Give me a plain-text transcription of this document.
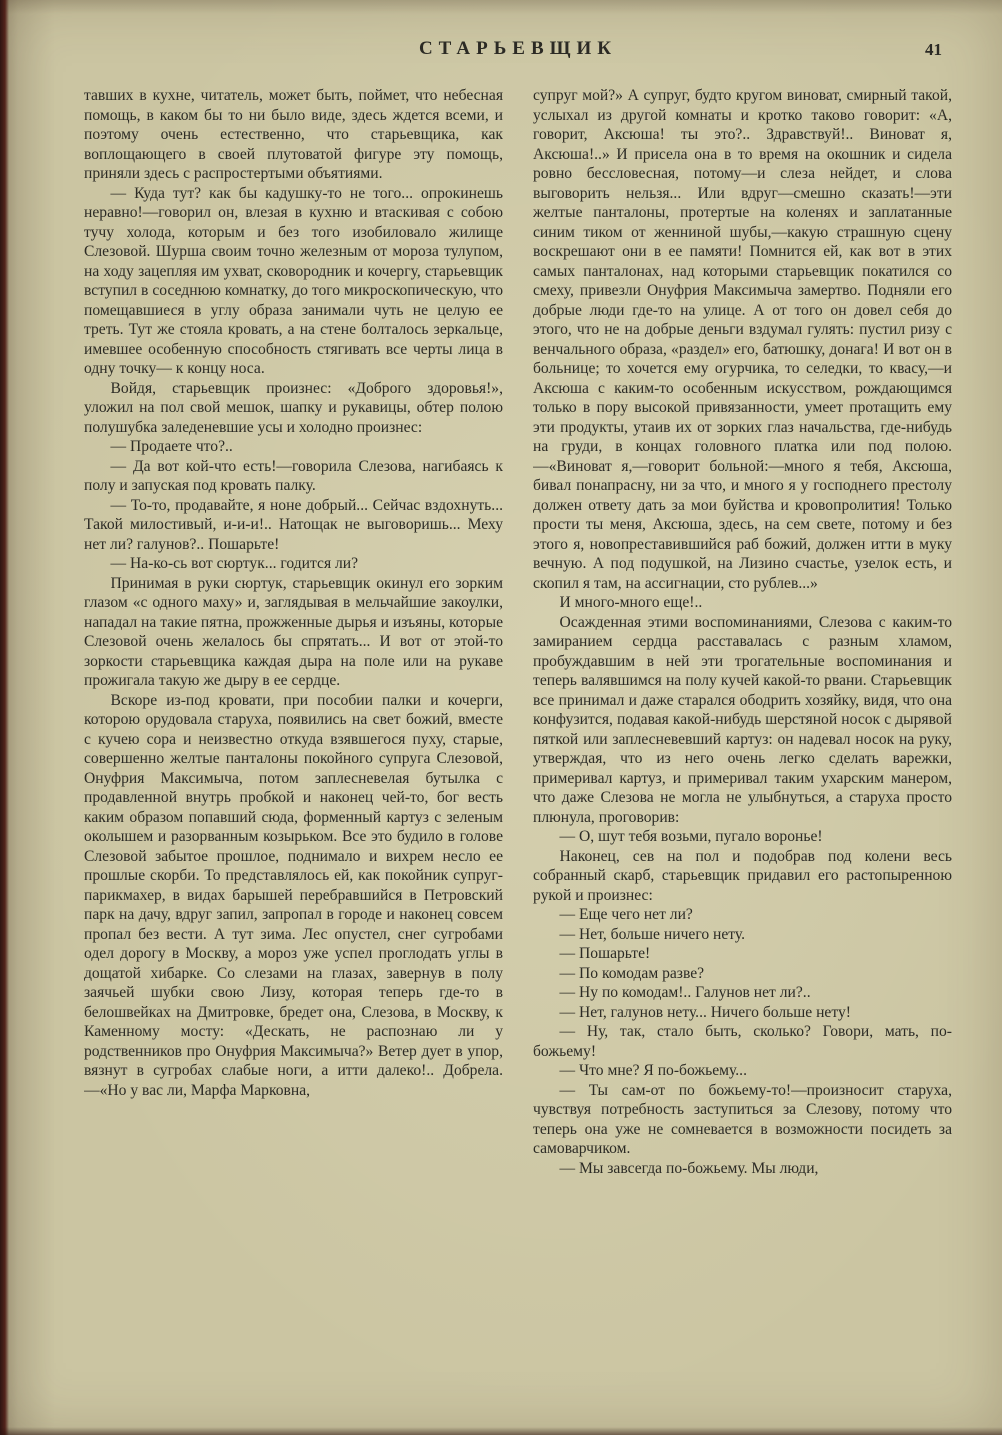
СТАРЬЕВЩИК	41

тавших в кухне, читатель, может быть, поймет, что небесная помощь, в каком бы то ни было виде, здесь ждется всеми, и поэтому очень естественно, что старьевщика, как воплощающего в своей плутоватой фигуре эту помощь, приняли здесь с распростертыми объятиями.

— Куда тут? как бы кадушку-то не того... опрокинешь неравно!—говорил он, влезая в кухню и втаскивая с собою тучу холода, которым и без того изобиловало жилище Слезовой. Шурша своим точно железным от мороза тулупом, на ходу зацепляя им ухват, сковородник и кочергу, старьевщик вступил в соседнюю комнатку, до того микроскопическую, что помещавшиеся в углу образа занимали чуть не целую ее треть. Тут же стояла кровать, а на стене болталось зеркальце, имевшее особенную способность стягивать все черты лица в одну точку— к концу носа.

Войдя, старьевщик произнес: «Доброго здоровья!», уложил на пол свой мешок, шапку и рукавицы, обтер полою полушубка заледеневшие усы и холодно произнес:

— Продаете что?..

— Да вот кой-что есть!—говорила Слезова, нагибаясь к полу и запуская под кровать палку.

— То-то, продавайте, я ноне добрый... Сейчас вздохнуть... Такой милостивый, и-и-и!.. Натощак не выговоришь... Меху нет ли? галунов?.. Пошарьте!

— На-ко-сь вот сюртук... годится ли?

Принимая в руки сюртук, старьевщик окинул его зорким глазом «с одного маху» и, заглядывая в мельчайшие закоулки, нападал на такие пятна, прожженные дырья и изъяны, которые Слезовой очень желалось бы спрятать... И вот от этой-то зоркости старьевщика каждая дыра на поле или на рукаве прожигала такую же дыру в ее сердце.

Вскоре из-под кровати, при пособии палки и кочерги, которою орудовала старуха, появились на свет божий, вместе с кучею сора и неизвестно откуда взявшегося пуху, старые, совершенно желтые панталоны покойного супруга Слезовой, Онуфрия Максимыча, потом заплесневелая бутылка с продавленной внутрь пробкой и наконец чей-то, бог весть каким образом попавший сюда, форменный картуз с зеленым околышем и разорванным козырьком. Все это будило в голове Слезовой забытое прошлое, поднимало и вихрем несло ее прошлые скорби. То представлялось ей, как покойник супруг-парикмахер, в видах барышей перебравшийся в Петровский парк на дачу, вдруг запил, запропал в городе и наконец совсем пропал без вести. А тут зима. Лес опустел, снег сугробами одел дорогу в Москву, а мороз уже успел проглодать углы в дощатой хибарке. Со слезами на глазах, завернув в полу заячьей шубки свою Лизу, которая теперь где-то в белошвейках на Дмитровке, бредет она, Слезова, в Москву, к Каменному мосту: «Дескать, не распознаю ли у родственников про Онуфрия Максимыча?» Ветер дует в упор, вязнут в сугробах слабые ноги, а итти далеко!.. Добрела.—«Но у вас ли, Марфа Марковна,

супруг мой?» А супруг, будто кругом виноват, смирный такой, услыхал из другой комнаты и кротко таково говорит: «А, говорит, Аксюша! ты это?.. Здравствуй!.. Виноват я, Аксюша!..» И присела она в то время на окошник и сидела ровно бессловесная, потому—и слеза нейдет, и слова выговорить нельзя... Или вдруг—смешно сказать!—эти желтые панталоны, протертые на коленях и заплатанные синим тиком от женниной шубы,—какую страшную сцену воскрешают они в ее памяти! Помнится ей, как вот в этих самых панталонах, над которыми старьевщик покатился со смеху, привезли Онуфрия Максимыча замертво. Подняли его добрые люди где-то на улице. А от того он довел себя до этого, что не на добрые деньги вздумал гулять: пустил ризу с венчального образа, «раздел» его, батюшку, донага! И вот он в больнице; то хочется ему огурчика, то селедки, то квасу,—и Аксюша с каким-то особенным искусством, рождающимся только в пору высокой привязанности, умеет протащить ему эти продукты, утаив их от зорких глаз начальства, где-нибудь на груди, в концах головного платка или под полою.—«Виноват я,—говорит больной:—много я тебя, Аксюша, бивал понапрасну, ни за что, и много я у господнего престолу должен ответу дать за мои буйства и кровопролития! Только прости ты меня, Аксюша, здесь, на сем свете, потому и без этого я, новопреставившийся раб божий, должен итти в муку вечную. А под подушкой, на Лизино счастье, узелок есть, и скопил я там, на ассигнации, сто рублев...»

И много-много еще!..

Осажденная этими воспоминаниями, Слезова с каким-то замиранием сердца расставалась с разным хламом, пробуждавшим в ней эти трогательные воспоминания и теперь валявшимся на полу кучей какой-то рвани. Старьевщик все принимал и даже старался ободрить хозяйку, видя, что она конфузится, подавая какой-нибудь шерстяной носок с дырявой пяткой или заплесневевший картуз: он надевал носок на руку, утверждая, что из него очень легко сделать варежки, примеривал картуз, и примеривал таким ухарским манером, что даже Слезова не могла не улыбнуться, а старуха просто плюнула, проговорив:

— О, шут тебя возьми, пугало воронье!

Наконец, сев на пол и подобрав под колени весь собранный скарб, старьевщик придавил его растопыренною рукой и произнес:

— Еще чего нет ли?

— Нет, больше ничего нету.

— Пошарьте!

— По комодам разве?

— Ну по комодам!.. Галунов нет ли?..

— Нет, галунов нету... Ничего больше нету!

— Ну, так, стало быть, сколько? Говори, мать, по-божьему!

— Что мне? Я по-божьему...

— Ты сам-от по божьему-то!—произносит старуха, чувствуя потребность заступиться за Слезову, потому что теперь она уже не сомневается в возможности посидеть за самоварчиком.

— Мы завсегда по-божьему. Мы люди,
